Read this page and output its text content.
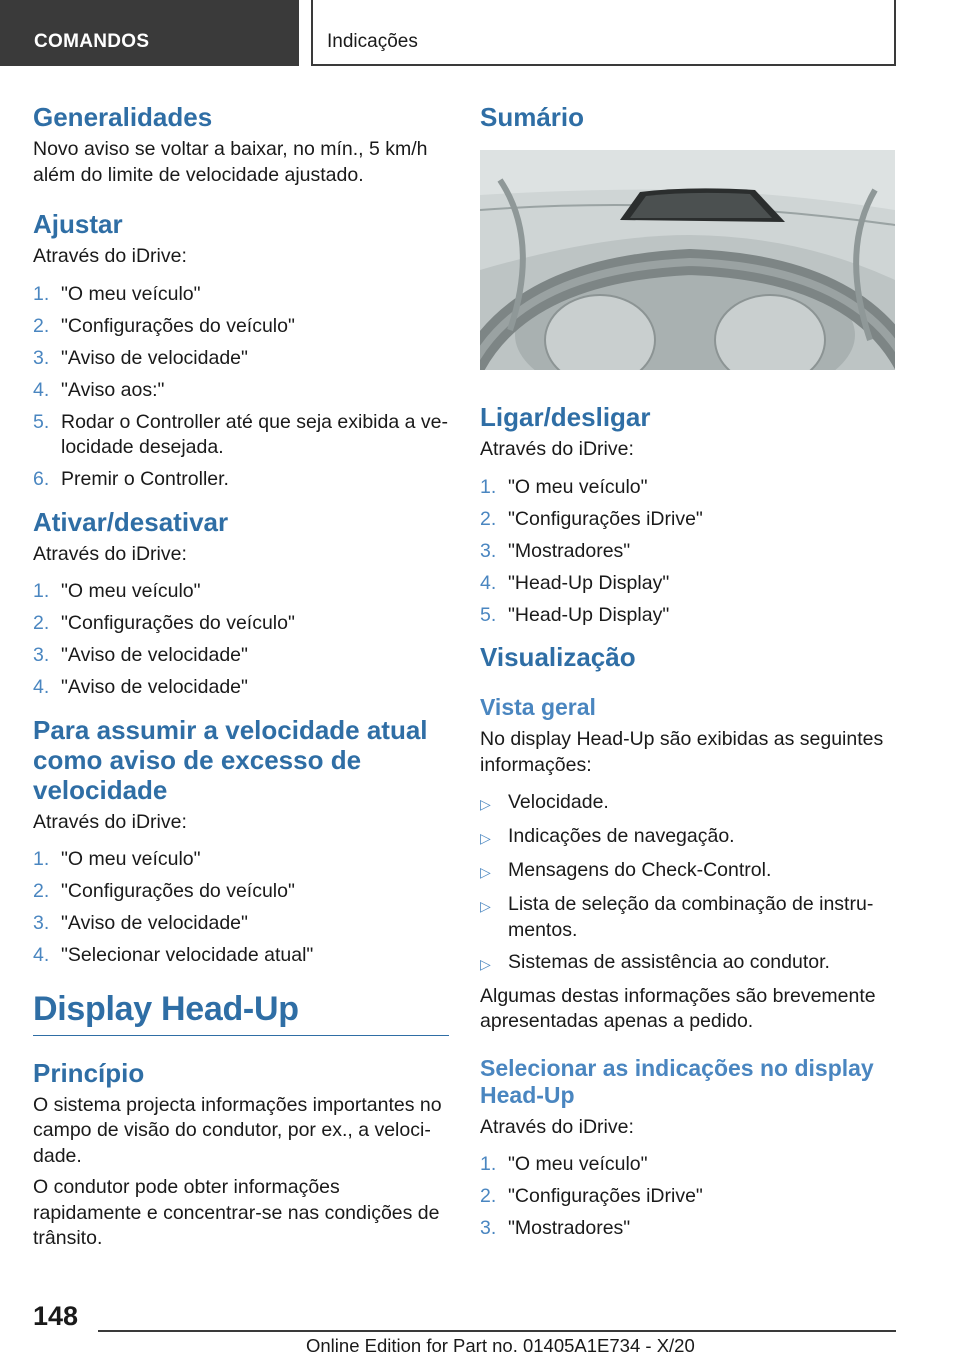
COMANDOS	Indicações
Generalidades

Novo aviso se voltar a baixar, no mín., 5 km/h além do limite de velocidade ajustado.

Ajustar

Através do iDrive:

1. "O meu veículo"
2. "Configurações do veículo"
3. "Aviso de velocidade"
4. "Aviso aos:"
5. Rodar o Controller até que seja exibida a velocidade desejada.
6. Premir o Controller.
Ativar/desativar

Através do iDrive:

1. "O meu veículo"
2. "Configurações do veículo"
3. "Aviso de velocidade"
4. "Aviso de velocidade"
Para assumir a velocidade atual como aviso de excesso de velocidade

Através do iDrive:

1. "O meu veículo"
2. "Configurações do veículo"
3. "Aviso de velocidade"
4. "Selecionar velocidade atual"
Display Head-Up
Princípio

O sistema projecta informações importantes no campo de visão do condutor, por ex., a velocidade.

O condutor pode obter informações rapidamente e concentrar-se nas condições de trânsito.

Sumário
Ligar/desligar

Através do iDrive:

1. "O meu veículo"
2. "Configurações iDrive"
3. "Mostradores"
4. "Head-Up Display"
5. "Head-Up Display"
Visualização
Vista geral

No display Head-Up são exibidas as seguintes informações:

▷ Velocidade.
▷ Indicações de navegação.
▷ Mensagens do Check-Control.
▷ Lista de seleção da combinação de instrumentos.
▷ Sistemas de assistência ao condutor.

Algumas destas informações são brevemente apresentadas apenas a pedido.

Selecionar as indicações no display Head-Up

Através do iDrive:

1. "O meu veículo"
2. "Configurações iDrive"
3. "Mostradores"
148
Online Edition for Part no. 01405A1E734 - X/20
